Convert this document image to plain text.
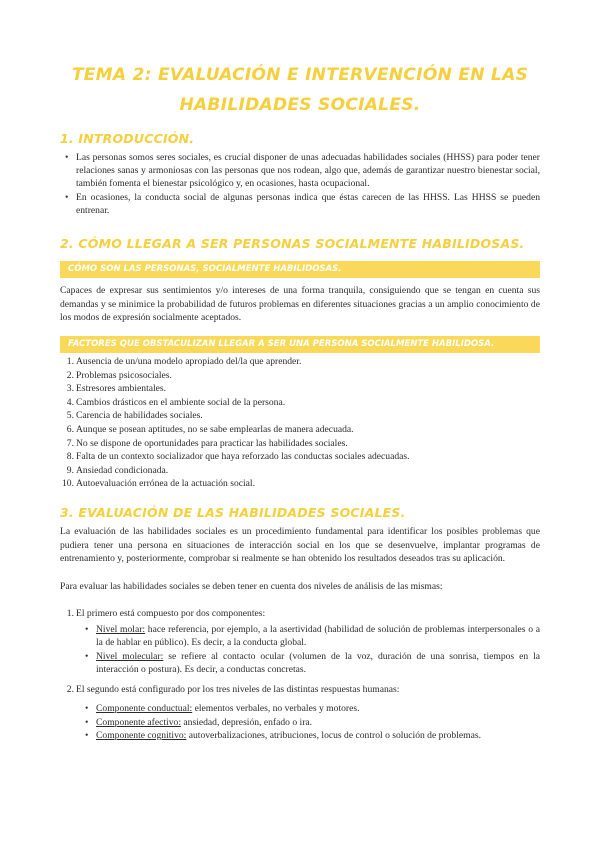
TEMA 2: EVALUACIÓN E INTERVENCIÓN EN LAS
HABILIDADES SOCIALES.
1. INTRODUCCIÓN.
• Las personas somos seres sociales, es crucial disponer de unas adecuadas habilidades sociales (HHSS) para poder tener relaciones sanas y armoniosas con las personas que nos rodean, algo que, además de garantizar nuestro bienestar social, también fomenta el bienestar psicológico y, en ocasiones, hasta ocupacional.
• En ocasiones, la conducta social de algunas personas indica que éstas carecen de las HHSS. Las HHSS se pueden entrenar.
2. CÓMO LLEGAR A SER PERSONAS SOCIALMENTE HABILIDOSAS.
CÓMO SON LAS PERSONAS, SOCIALMENTE HABILIDOSAS.

Capaces de expresar sus sentimientos y/o intereses de una forma tranquila, consiguiendo que se tengan en cuenta sus demandas y se minimice la probabilidad de futuros problemas en diferentes situaciones gracias a un amplio conocimiento de los modos de expresión socialmente aceptados.

FACTORES QUE OBSTACULIZAN LLEGAR A SER UNA PERSONA SOCIALMENTE HABILIDOSA.
1. Ausencia de un/una modelo apropiado del/la que aprender.
2. Problemas psicosociales.
3. Estresores ambientales.
4. Cambios drásticos en el ambiente social de la persona.
5. Carencia de habilidades sociales.
6. Aunque se posean aptitudes, no se sabe emplearlas de manera adecuada.
7. No se dispone de oportunidades para practicar las habilidades sociales.
8. Falta de un contexto socializador que haya reforzado las conductas sociales adecuadas.
9. Ansiedad condicionada.
10. Autoevaluación errónea de la actuación social.
3. EVALUACIÓN DE LAS HABILIDADES SOCIALES.

La evaluación de las habilidades sociales es un procedimiento fundamental para identificar los posibles problemas que pudiera tener una persona en situaciones de interacción social en los que se desenvuelve, implantar programas de entrenamiento y, posteriormente, comprobar si realmente se han obtenido los resultados deseados tras su aplicación.

Para evaluar las habilidades sociales se deben tener en cuenta dos niveles de análisis de las mismas:

1. El primero está compuesto por dos componentes:
• Nivel molar: hace referencia, por ejemplo, a la asertividad (habilidad de solución de problemas interpersonales o a la de hablar en público). Es decir, a la conducta global.
• Nivel molecular: se refiere al contacto ocular (volumen de la voz, duración de una sonrisa, tiempos en la interacción o postura). Es decir, a conductas concretas.
2. El segundo está configurado por los tres niveles de las distintas respuestas humanas:
• Componente conductual: elementos verbales, no verbales y motores.
• Componente afectivo: ansiedad, depresión, enfado o ira.
• Componente cognitivo: autoverbalizaciones, atribuciones, locus de control o solución de problemas.
